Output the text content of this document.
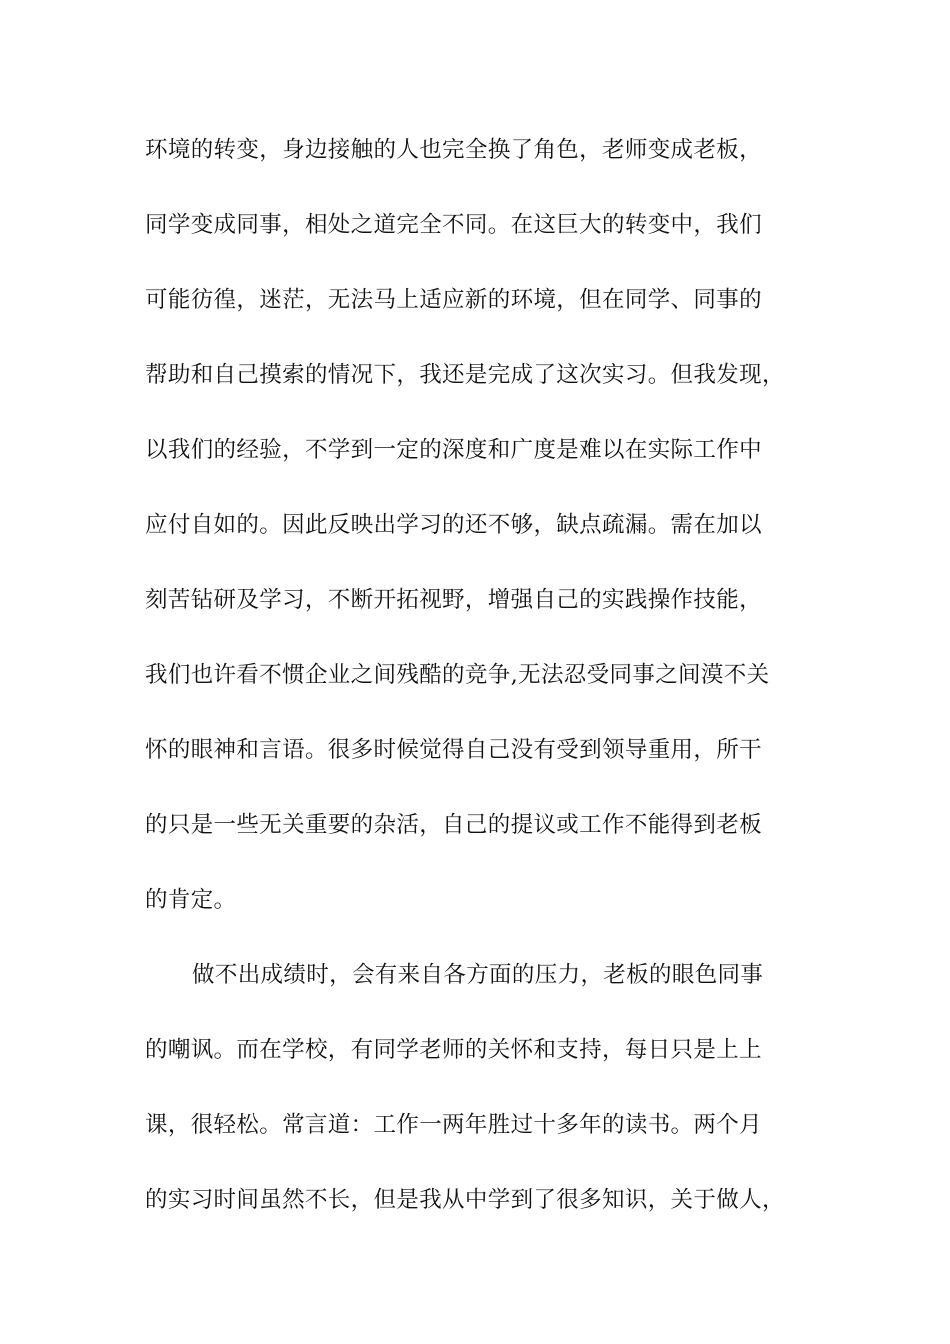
环境的转变，身边接触的人也完全换了角色，老师变成老板，
同学变成同事，相处之道完全不同。在这巨大的转变中，我们
可能彷徨，迷茫，无法马上适应新的环境，但在同学、同事的
帮助和自己摸索的情况下，我还是完成了这次实习。但我发现，
以我们的经验，不学到一定的深度和广度是难以在实际工作中
应付自如的。因此反映出学习的还不够，缺点疏漏。需在加以
刻苦钻研及学习，不断开拓视野，增强自己的实践操作技能，
我们也许看不惯企业之间残酷的竞争,无法忍受同事之间漠不关
怀的眼神和言语。很多时候觉得自己没有受到领导重用，所干
的只是一些无关重要的杂活，自己的提议或工作不能得到老板
的肯定。
做不出成绩时，会有来自各方面的压力，老板的眼色同事
的嘲讽。而在学校，有同学老师的关怀和支持，每日只是上上
课，很轻松。常言道：工作一两年胜过十多年的读书。两个月
的实习时间虽然不长，但是我从中学到了很多知识，关于做人，
